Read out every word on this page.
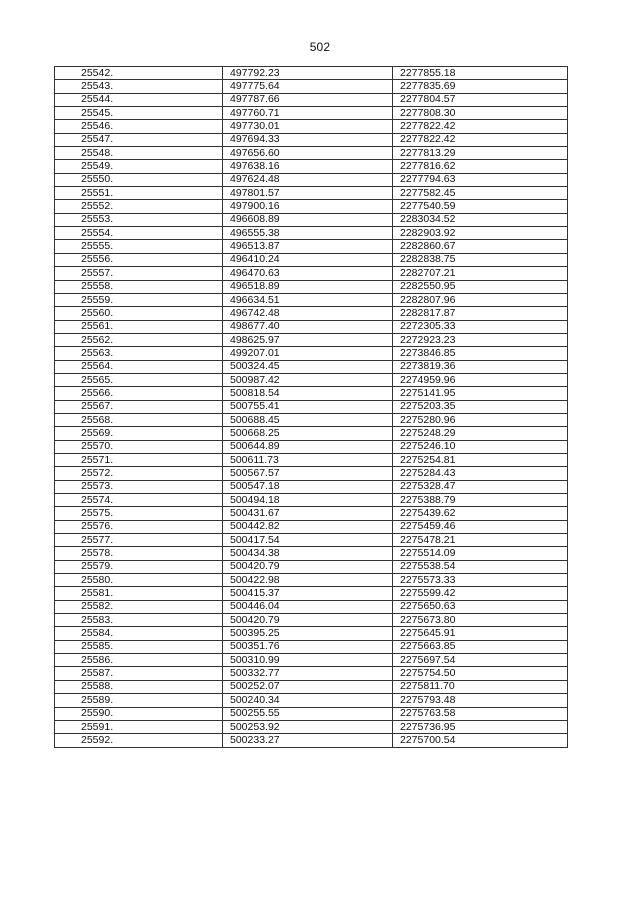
502
25542.	497792.23	2277855.18
25543.	497775.64	2277835.69
25544.	497787.66	2277804.57
25545.	497760.71	2277808.30
25546.	497730.01	2277822.42
25547.	497694.33	2277822.42
25548.	497656.60	2277813.29
25549.	497638.16	2277816.62
25550.	497624.48	2277794.63
25551.	497801.57	2277582.45
25552.	497900.16	2277540.59
25553.	496608.89	2283034.52
25554.	496555.38	2282903.92
25555.	496513.87	2282860.67
25556.	496410.24	2282838.75
25557.	496470.63	2282707.21
25558.	496518.89	2282550.95
25559.	496634.51	2282807.96
25560.	496742.48	2282817.87
25561.	498677.40	2272305.33
25562.	498625.97	2272923.23
25563.	499207.01	2273846.85
25564.	500324.45	2273819.36
25565.	500987.42	2274959.96
25566.	500818.54	2275141.95
25567.	500755.41	2275203.35
25568.	500688.45	2275280.96
25569.	500668.25	2275248.29
25570.	500644.89	2275246.10
25571.	500611.73	2275254.81
25572.	500567.57	2275284.43
25573.	500547.18	2275328.47
25574.	500494.18	2275388.79
25575.	500431.67	2275439.62
25576.	500442.82	2275459.46
25577.	500417.54	2275478.21
25578.	500434.38	2275514.09
25579.	500420.79	2275538.54
25580.	500422.98	2275573.33
25581.	500415.37	2275599.42
25582.	500446.04	2275650.63
25583.	500420.79	2275673.80
25584.	500395.25	2275645.91
25585.	500351.76	2275663.85
25586.	500310.99	2275697.54
25587.	500332.77	2275754.50
25588.	500252.07	2275811.70
25589.	500240.34	2275793.48
25590.	500255.55	2275763.58
25591.	500253.92	2275736.95
25592.	500233.27	2275700.54
